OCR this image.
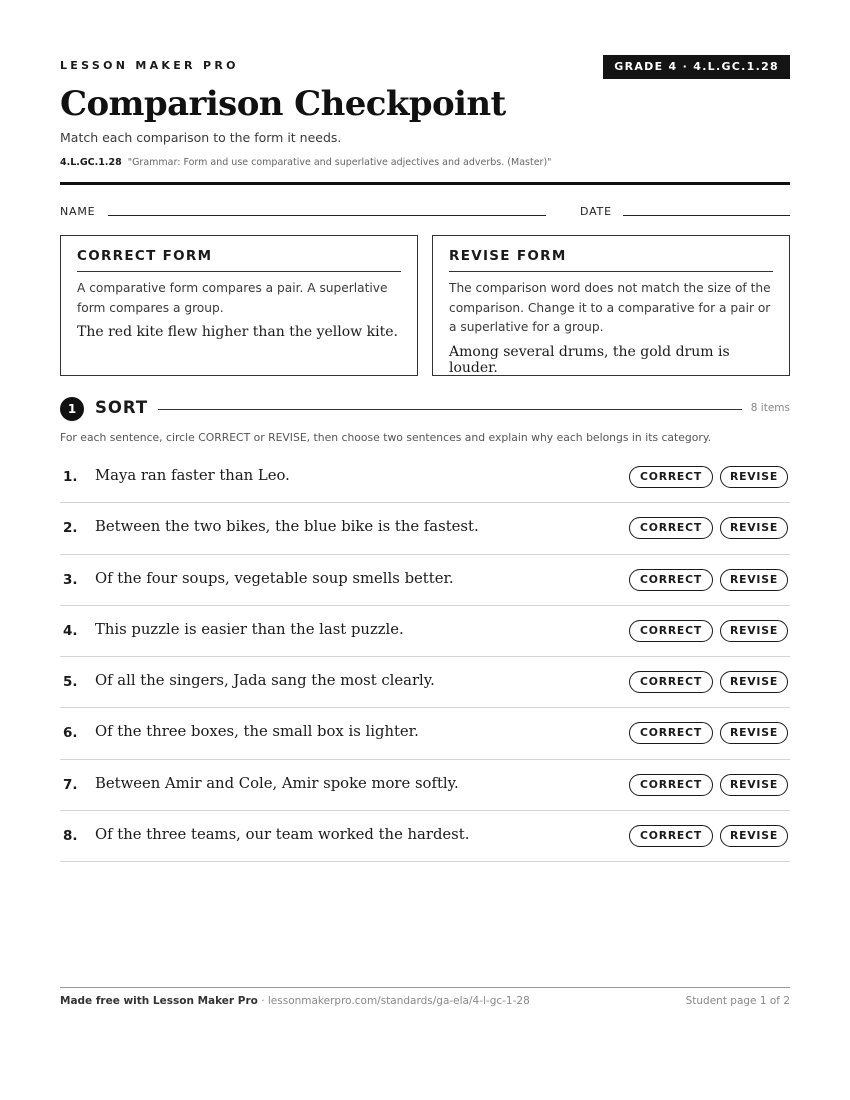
LESSON MAKER PRO	GRADE 4 · 4.L.GC.1.28
Comparison Checkpoint
Match each comparison to the form it needs.
4.L.GC.1.28 "Grammar: Form and use comparative and superlative adjectives and adverbs. (Master)"
NAME	DATE
CORRECT FORM
A comparative form compares a pair. A superlative form compares a group.
The red kite flew higher than the yellow kite.
REVISE FORM
The comparison word does not match the size of the comparison. Change it to a comparative for a pair or a superlative for a group.
Among several drums, the gold drum is louder.
1	SORT	8 items
For each sentence, circle CORRECT or REVISE, then choose two sentences and explain why each belongs in its category.
1. Maya ran faster than Leo.	CORRECT	REVISE
2. Between the two bikes, the blue bike is the fastest.	CORRECT	REVISE
3. Of the four soups, vegetable soup smells better.	CORRECT	REVISE
4. This puzzle is easier than the last puzzle.	CORRECT	REVISE
5. Of all the singers, Jada sang the most clearly.	CORRECT	REVISE
6. Of the three boxes, the small box is lighter.	CORRECT	REVISE
7. Between Amir and Cole, Amir spoke more softly.	CORRECT	REVISE
8. Of the three teams, our team worked the hardest.	CORRECT	REVISE
Made free with Lesson Maker Pro · lessonmakerpro.com/standards/ga-ela/4-l-gc-1-28	Student page 1 of 2
